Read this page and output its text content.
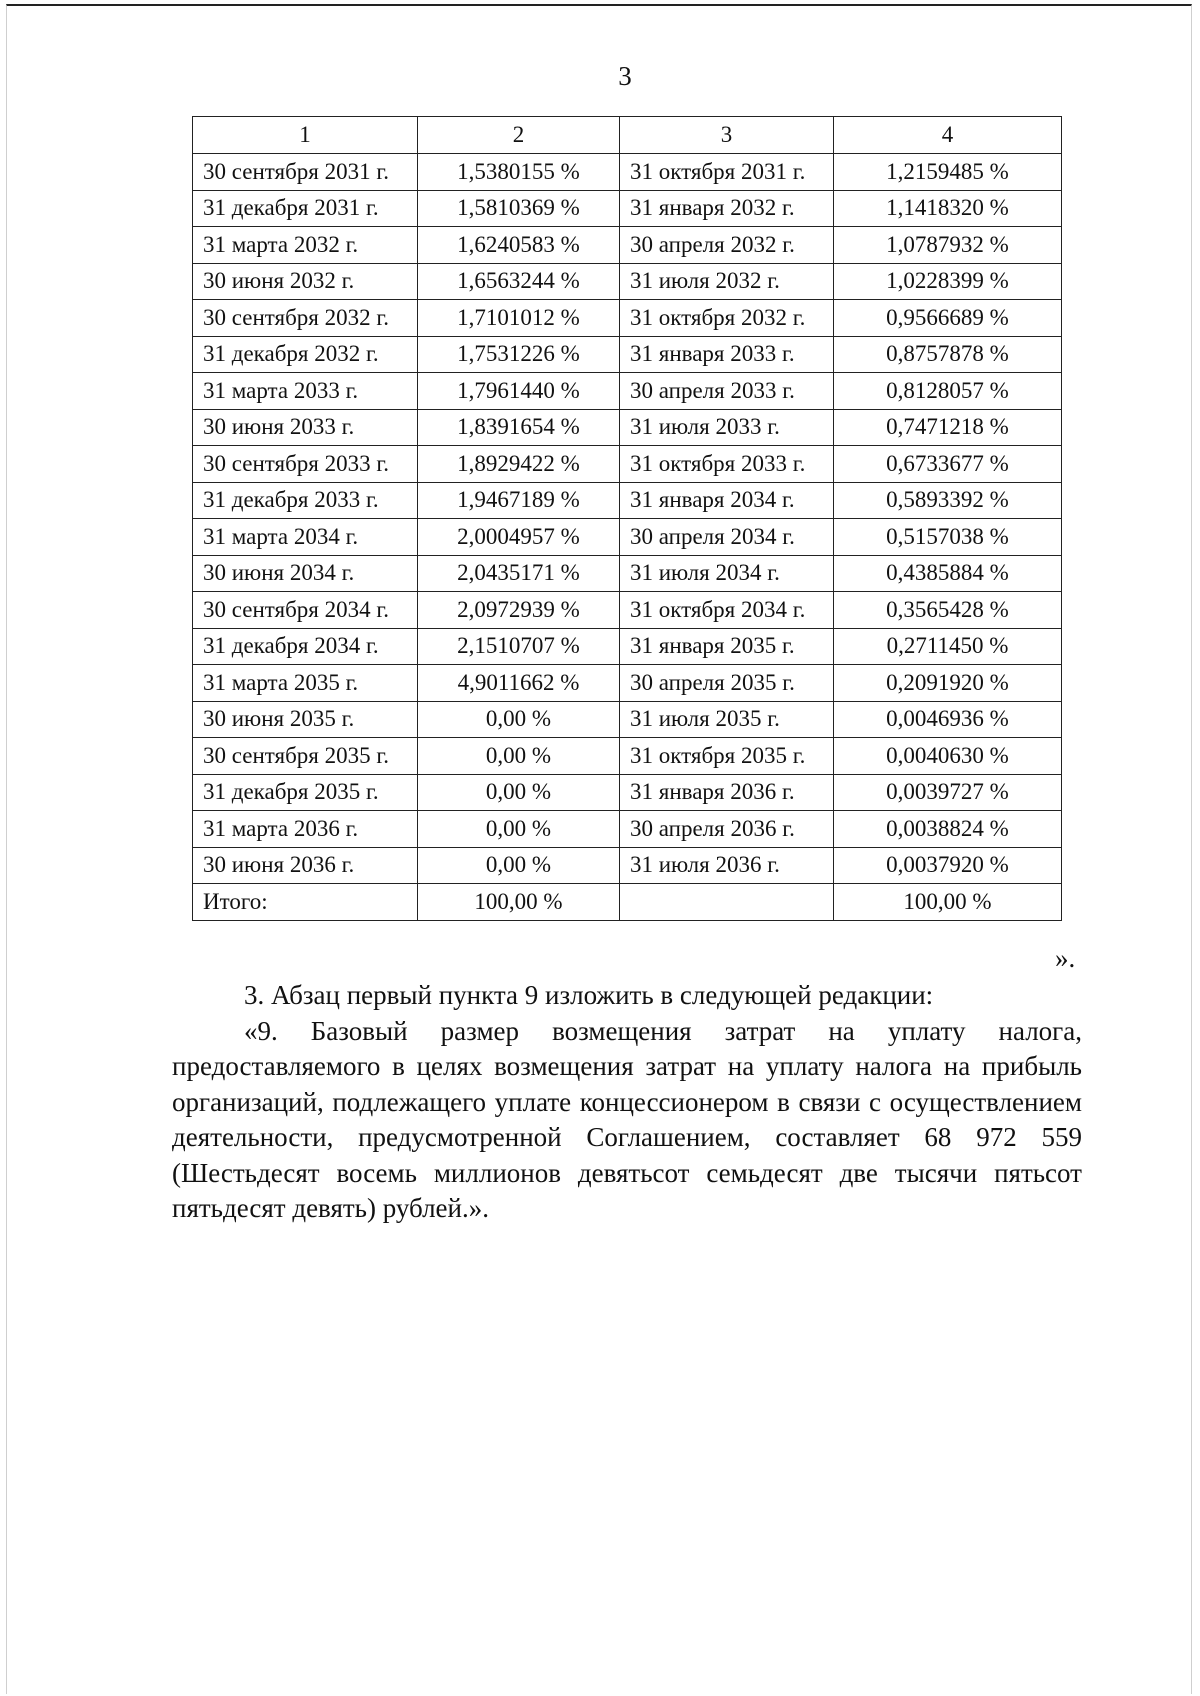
3
1	2	3	4
30 сентября 2031 г.	1,5380155 %	31 октября 2031 г.	1,2159485 %
31 декабря 2031 г.	1,5810369 %	31 января 2032 г.	1,1418320 %
31 марта 2032 г.	1,6240583 %	30 апреля 2032 г.	1,0787932 %
30 июня 2032 г.	1,6563244 %	31 июля 2032 г.	1,0228399 %
30 сентября 2032 г.	1,7101012 %	31 октября 2032 г.	0,9566689 %
31 декабря 2032 г.	1,7531226 %	31 января 2033 г.	0,8757878 %
31 марта 2033 г.	1,7961440 %	30 апреля 2033 г.	0,8128057 %
30 июня 2033 г.	1,8391654 %	31 июля 2033 г.	0,7471218 %
30 сентября 2033 г.	1,8929422 %	31 октября 2033 г.	0,6733677 %
31 декабря 2033 г.	1,9467189 %	31 января 2034 г.	0,5893392 %
31 марта 2034 г.	2,0004957 %	30 апреля 2034 г.	0,5157038 %
30 июня 2034 г.	2,0435171 %	31 июля 2034 г.	0,4385884 %
30 сентября 2034 г.	2,0972939 %	31 октября 2034 г.	0,3565428 %
31 декабря 2034 г.	2,1510707 %	31 января 2035 г.	0,2711450 %
31 марта 2035 г.	4,9011662 %	30 апреля 2035 г.	0,2091920 %
30 июня 2035 г.	0,00 %	31 июля 2035 г.	0,0046936 %
30 сентября 2035 г.	0,00 %	31 октября 2035 г.	0,0040630 %
31 декабря 2035 г.	0,00 %	31 января 2036 г.	0,0039727 %
31 марта 2036 г.	0,00 %	30 апреля 2036 г.	0,0038824 %
30 июня 2036 г.	0,00 %	31 июля 2036 г.	0,0037920 %
Итого:	100,00 %		100,00 %
».

3. Абзац первый пункта 9 изложить в следующей редакции:

«9. Базовый размер возмещения затрат на уплату налога, предоставляемого в целях возмещения затрат на уплату налога на прибыль организаций, подлежащего уплате концессионером в связи с осуществлением деятельности, предусмотренной Соглашением, составляет 68 972 559 (Шестьдесят восемь миллионов девятьсот семьдесят две тысячи пятьсот пятьдесят девять) рублей.».
